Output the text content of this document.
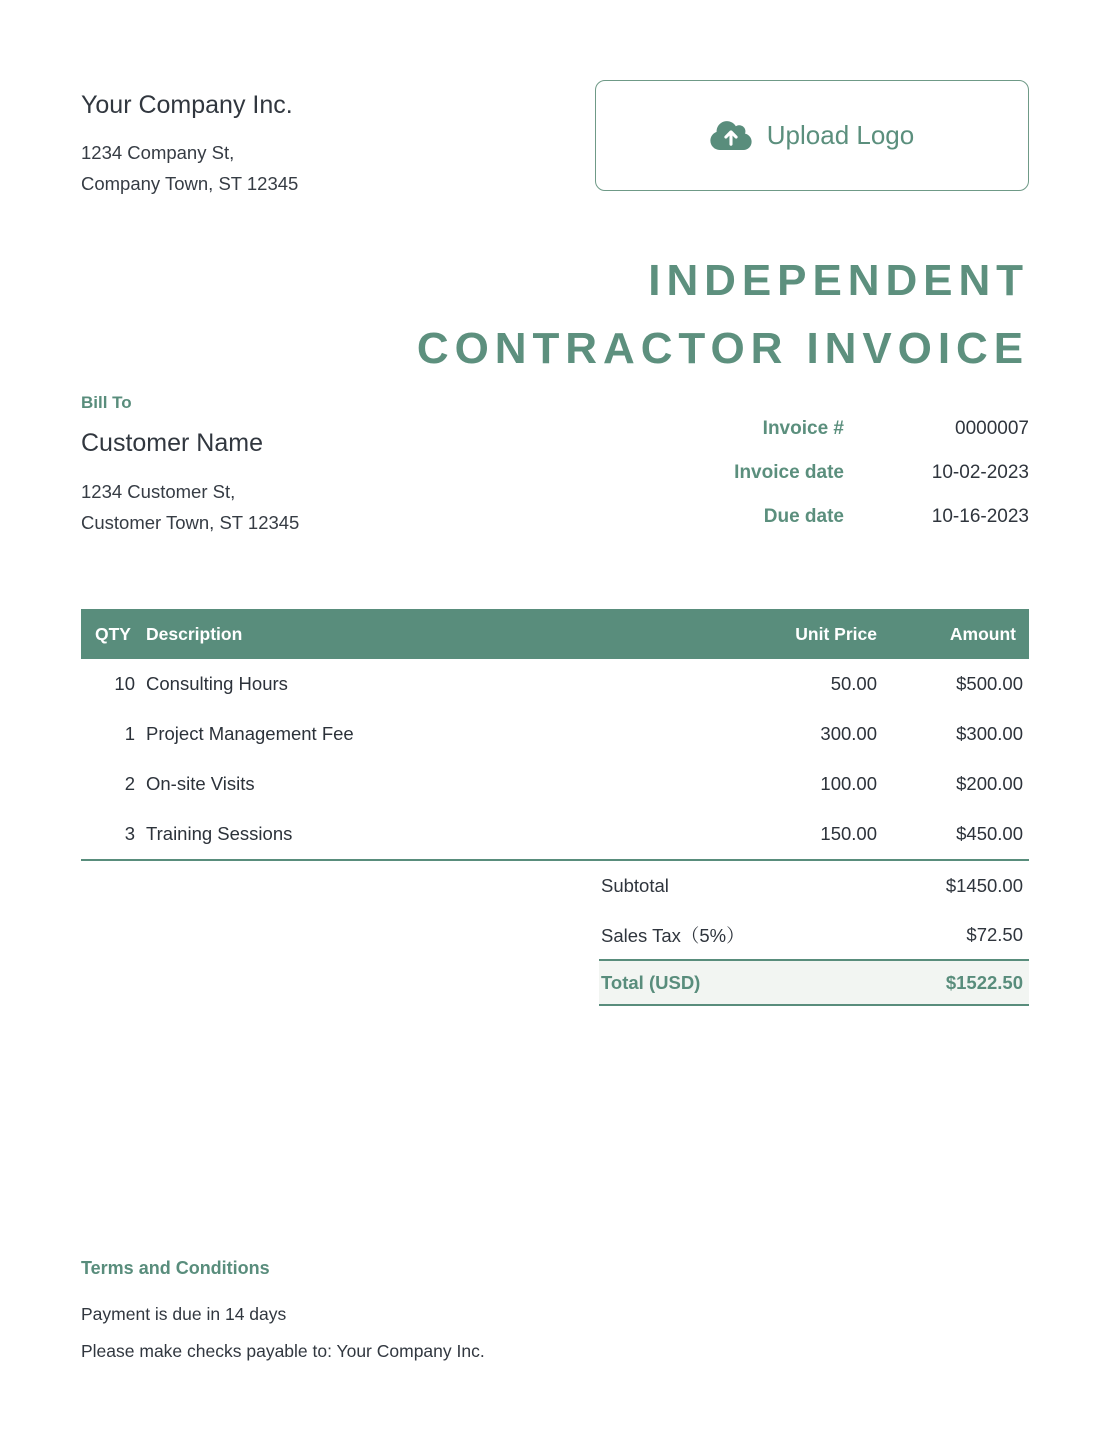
Your Company Inc.
1234 Company St,
Company Town, ST 12345
Upload Logo
INDEPENDENT
CONTRACTOR INVOICE
Bill To
Customer Name
1234 Customer St,
Customer Town, ST 12345
Invoice #	0000007
Invoice date	10-02-2023
Due date	10-16-2023
QTY Description	Unit Price	Amount
10 Consulting Hours	50.00	$500.00
1 Project Management Fee	300.00	$300.00
2 On-site Visits	100.00	$200.00
3 Training Sessions	150.00	$450.00
Subtotal	$1450.00
Sales Tax（5%）	$72.50
Total (USD)	$1522.50
Terms and Conditions
Payment is due in 14 days
Please make checks payable to: Your Company Inc.
